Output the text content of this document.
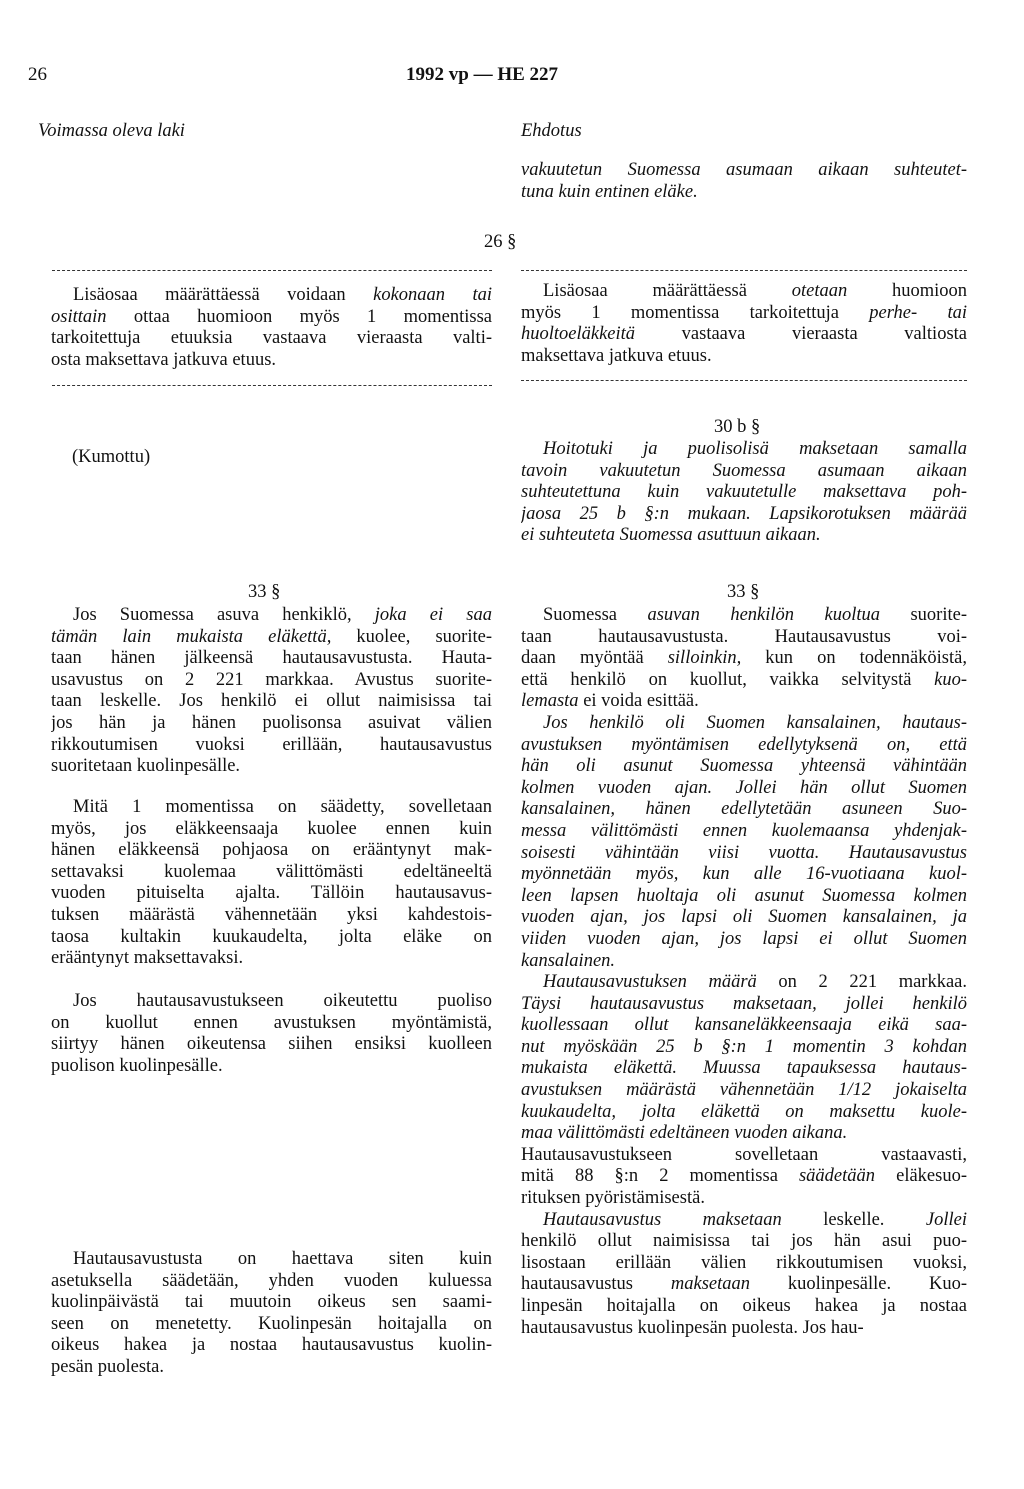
26	1992 vp — HE 227
Voimassa oleva laki	Ehdotus
vakuutetun Suomessa asumaan aikaan suhteutet-
tuna kuin entinen eläke.
26 §
Lisäosaa määrättäessä voidaan kokonaan tai
osittain ottaa huomioon myös 1 momentissa
tarkoitettuja etuuksia vastaava vieraasta valti-
osta maksettava jatkuva etuus.
Lisäosaa määrättäessä otetaan huomioon
myös 1 momentissa tarkoitettuja perhe- tai
huoltoeläkkeitä vastaava vieraasta valtiosta
maksettava jatkuva etuus.
(Kumottu)
30 b §
Hoitotuki ja puolisolisä maksetaan samalla
tavoin vakuutetun Suomessa asumaan aikaan
suhteutettuna kuin vakuutetulle maksettava poh-
jaosa 25 b §:n mukaan. Lapsikorotuksen määrää
ei suhteuteta Suomessa asuttuun aikaan.
33 §
Jos Suomessa asuva henkiklö, joka ei saa
tämän lain mukaista eläkettä, kuolee, suorite-
taan hänen jälkeensä hautausavustusta. Hauta-
usavustus on 2 221 markkaa. Avustus suorite-
taan leskelle. Jos henkilö ei ollut naimisissa tai
jos hän ja hänen puolisonsa asuivat välien
rikkoutumisen vuoksi erillään, hautausavustus
suoritetaan kuolinpesälle.
Mitä 1 momentissa on säädetty, sovelletaan
myös, jos eläkkeensaaja kuolee ennen kuin
hänen eläkkeensä pohjaosa on erääntynyt mak-
settavaksi kuolemaa välittömästi edeltäneeltä
vuoden pituiselta ajalta. Tällöin hautausavus-
tuksen määrästä vähennetään yksi kahdestois-
taosa kultakin kuukaudelta, jolta eläke on
erääntynyt maksettavaksi.
Jos hautausavustukseen oikeutettu puoliso
on kuollut ennen avustuksen myöntämistä,
siirtyy hänen oikeutensa siihen ensiksi kuolleen
puolison kuolinpesälle.
Hautausavustusta on haettava siten kuin
asetuksella säädetään, yhden vuoden kuluessa
kuolinpäivästä tai muutoin oikeus sen saami-
seen on menetetty. Kuolinpesän hoitajalla on
oikeus hakea ja nostaa hautausavustus kuolin-
pesän puolesta.
33 §
Suomessa asuvan henkilön kuoltua suorite-
taan hautausavustusta. Hautausavustus voi-
daan myöntää silloinkin, kun on todennäköistä,
että henkilö on kuollut, vaikka selvitystä kuo-
lemasta ei voida esittää.
Jos henkilö oli Suomen kansalainen, hautaus-
avustuksen myöntämisen edellytyksenä on, että
hän oli asunut Suomessa yhteensä vähintään
kolmen vuoden ajan. Jollei hän ollut Suomen
kansalainen, hänen edellytetään asuneen Suo-
messa välittömästi ennen kuolemaansa yhdenjak-
soisesti vähintään viisi vuotta. Hautausavustus
myönnetään myös, kun alle 16-vuotiaana kuol-
leen lapsen huoltaja oli asunut Suomessa kolmen
vuoden ajan, jos lapsi oli Suomen kansalainen, ja
viiden vuoden ajan, jos lapsi ei ollut Suomen
kansalainen.
Hautausavustuksen määrä on 2 221 markkaa.
Täysi hautausavustus maksetaan, jollei henkilö
kuollessaan ollut kansaneläkkeensaaja eikä saa-
nut myöskään 25 b §:n 1 momentin 3 kohdan
mukaista eläkettä. Muussa tapauksessa hautaus-
avustuksen määrästä vähennetään 1/12 jokaiselta
kuukaudelta, jolta eläkettä on maksettu kuole-
maa välittömästi edeltäneen vuoden aikana.
Hautausavustukseen sovelletaan vastaavasti,
mitä 88 §:n 2 momentissa säädetään eläkesuo-
rituksen pyöristämisestä.
Hautausavustus maksetaan leskelle. Jollei
henkilö ollut naimisissa tai jos hän asui puo-
lisostaan erillään välien rikkoutumisen vuoksi,
hautausavustus maksetaan kuolinpesälle. Kuo-
linpesän hoitajalla on oikeus hakea ja nostaa
hautausavustus kuolinpesän puolesta. Jos hau-
